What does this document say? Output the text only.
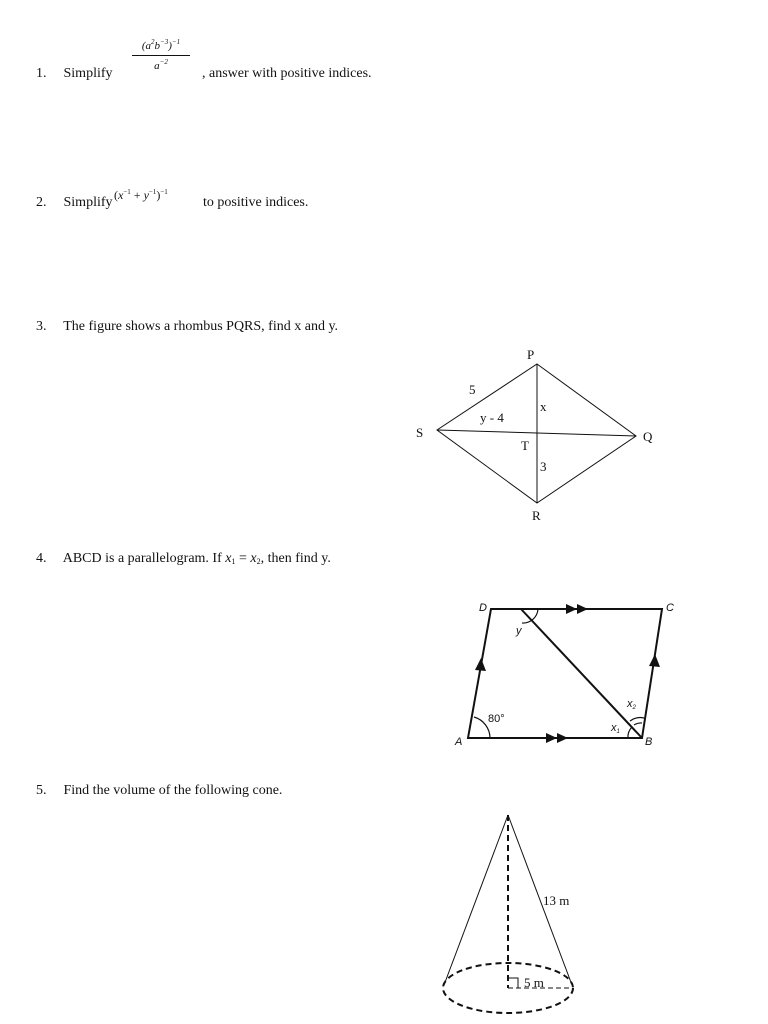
1. Simplify
$\frac{(a^2b^{-3})^{-1}}{a^{-2}}$
, answer with positive indices.
2. Simplify $(x^{-1} + y^{-1})^{-1}$
to positive indices.
3. The figure shows a rhombus PQRS, find x and y.
P
Q
R
S
T
5
y - 4
x
3
4. ABCD is a parallelogram. If $x_1 = x_2$, then find y.
A	B
C
D
80°
y
x1
x2
5. Find the volume of the following cone.
13 m
5 m
